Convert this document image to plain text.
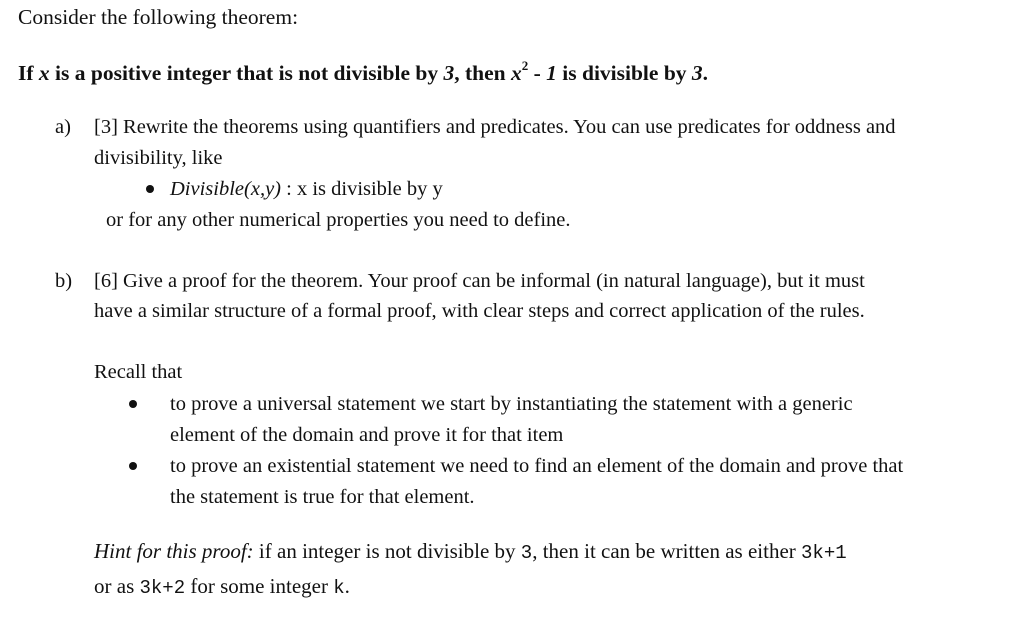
Consider the following theorem:
If x is a positive integer that is not divisible by 3, then $x^2 - 1$ is divisible by 3.
a) [3] Rewrite the theorems using quantifiers and predicates. You can use predicates for oddness and
divisibility, like
Divisible(x,y) : x is divisible by y
or for any other numerical properties you need to define.
b) [6] Give a proof for the theorem. Your proof can be informal (in natural language), but it must
have a similar structure of a formal proof, with clear steps and correct application of the rules.
Recall that
to prove a universal statement we start by instantiating the statement with a generic
element of the domain and prove it for that item
to prove an existential statement we need to find an element of the domain and prove that
the statement is true for that element.
Hint for this proof: if an integer is not divisible by 3, then it can be written as either 3k+1
or as 3k+2 for some integer k.
